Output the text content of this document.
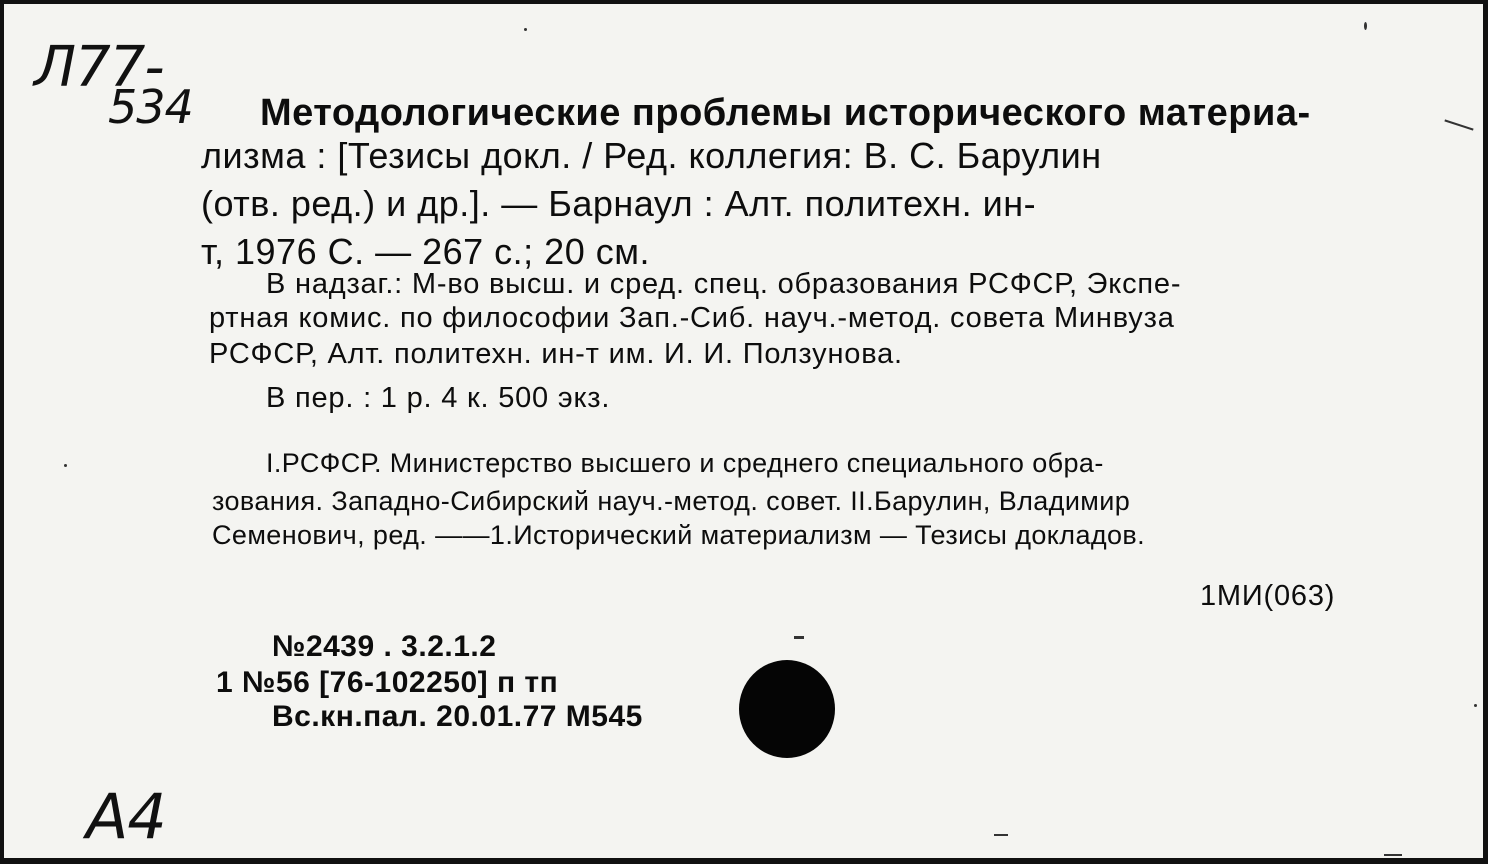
Л77-
534 Методологические проблемы исторического материа-
лизма : [Тезисы докл. / Ред. коллегия: В. С. Барулин
(отв. ред.) и др.]. — Барнаул : Алт. политехн. ин-
т, 1976 С. — 267 с.; 20 см.
В надзаг.: М-во высш. и сред. спец. образования РСФСР, Экспе-
ртная комис. по философии Зап.-Сиб. науч.-метод. совета Минвуза
РСФСР, Алт. политехн. ин-т им. И. И. Ползунова.
В пер. : 1 р. 4 к. 500 экз.
I.РСФСР. Министерство высшего и среднего специального обра-
зования. Западно-Сибирский науч.-метод. совет. II.Барулин, Владимир
Семенович, ред. ——1.Исторический материализм — Тезисы докладов.
1МИ(063)
№2439 . 3.2.1.2
1 №56 [76-102250] п тп
Вс.кн.пал. 20.01.77 М545
А4
